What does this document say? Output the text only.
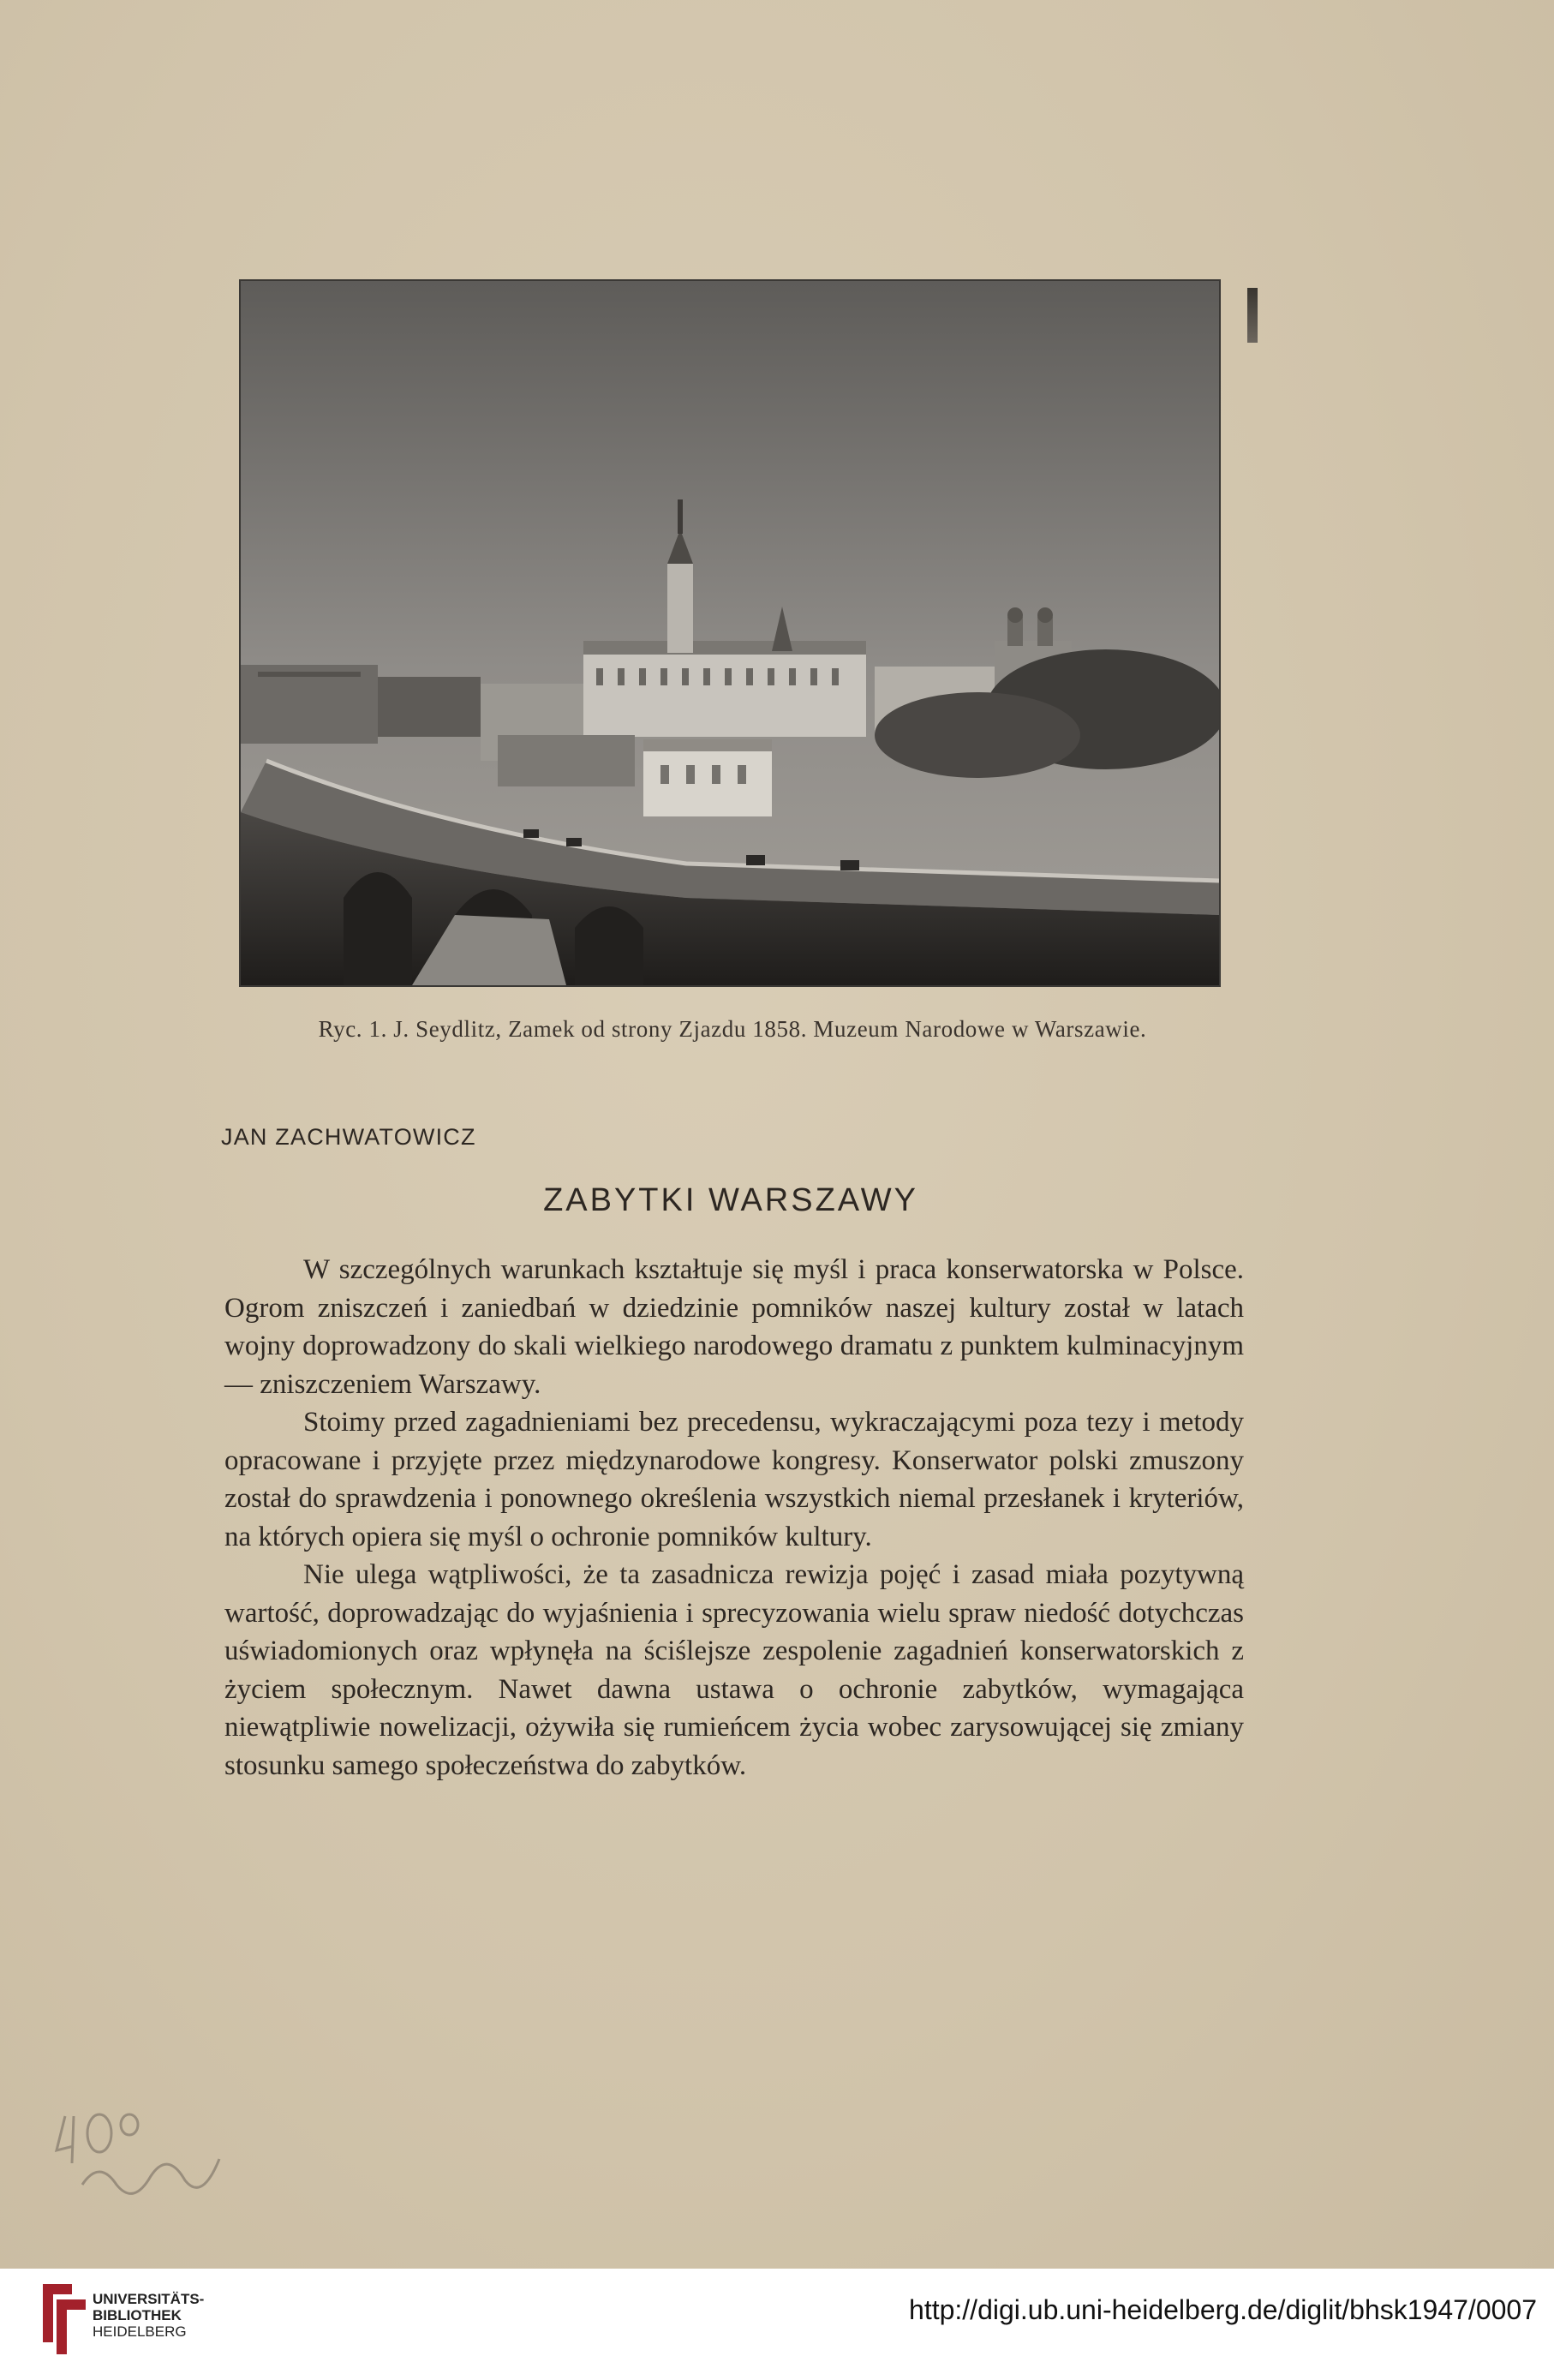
Ryc. 1. J. Seydlitz, Zamek od strony Zjazdu 1858. Muzeum Narodowe w Warszawie.
JAN ZACHWATOWICZ
ZABYTKI WARSZAWY

W szczególnych warunkach kształtuje się myśl i praca konserwatorska w Polsce. Ogrom zniszczeń i zaniedbań w dziedzinie pomników naszej kultury został w latach wojny doprowadzony do skali wielkiego narodowego dramatu z punktem kulminacyjnym — zniszczeniem Warszawy.

Stoimy przed zagadnieniami bez precedensu, wykraczającymi poza tezy i metody opracowane i przyjęte przez międzynarodowe kongresy. Konserwator polski zmuszony został do sprawdzenia i ponownego określenia wszystkich niemal przesłanek i kryteriów, na których opiera się myśl o ochronie pomników kultury.

Nie ulega wątpliwości, że ta zasadnicza rewizja pojęć i zasad miała pozytywną wartość, doprowadzając do wyjaśnienia i sprecyzowania wielu spraw niedość dotychczas uświadomionych oraz wpłynęła na ściślejsze zespolenie zagadnień konserwatorskich z życiem społecznym. Nawet dawna ustawa o ochronie zabytków, wymagająca niewątpliwie nowelizacji, ożywiła się rumieńcem życia wobec zarysowującej się zmiany stosunku samego społeczeństwa do zabytków.

UNIVERSITÄTS-
BIBLIOTHEK
HEIDELBERG
http://digi.ub.uni-heidelberg.de/diglit/bhsk1947/0007
